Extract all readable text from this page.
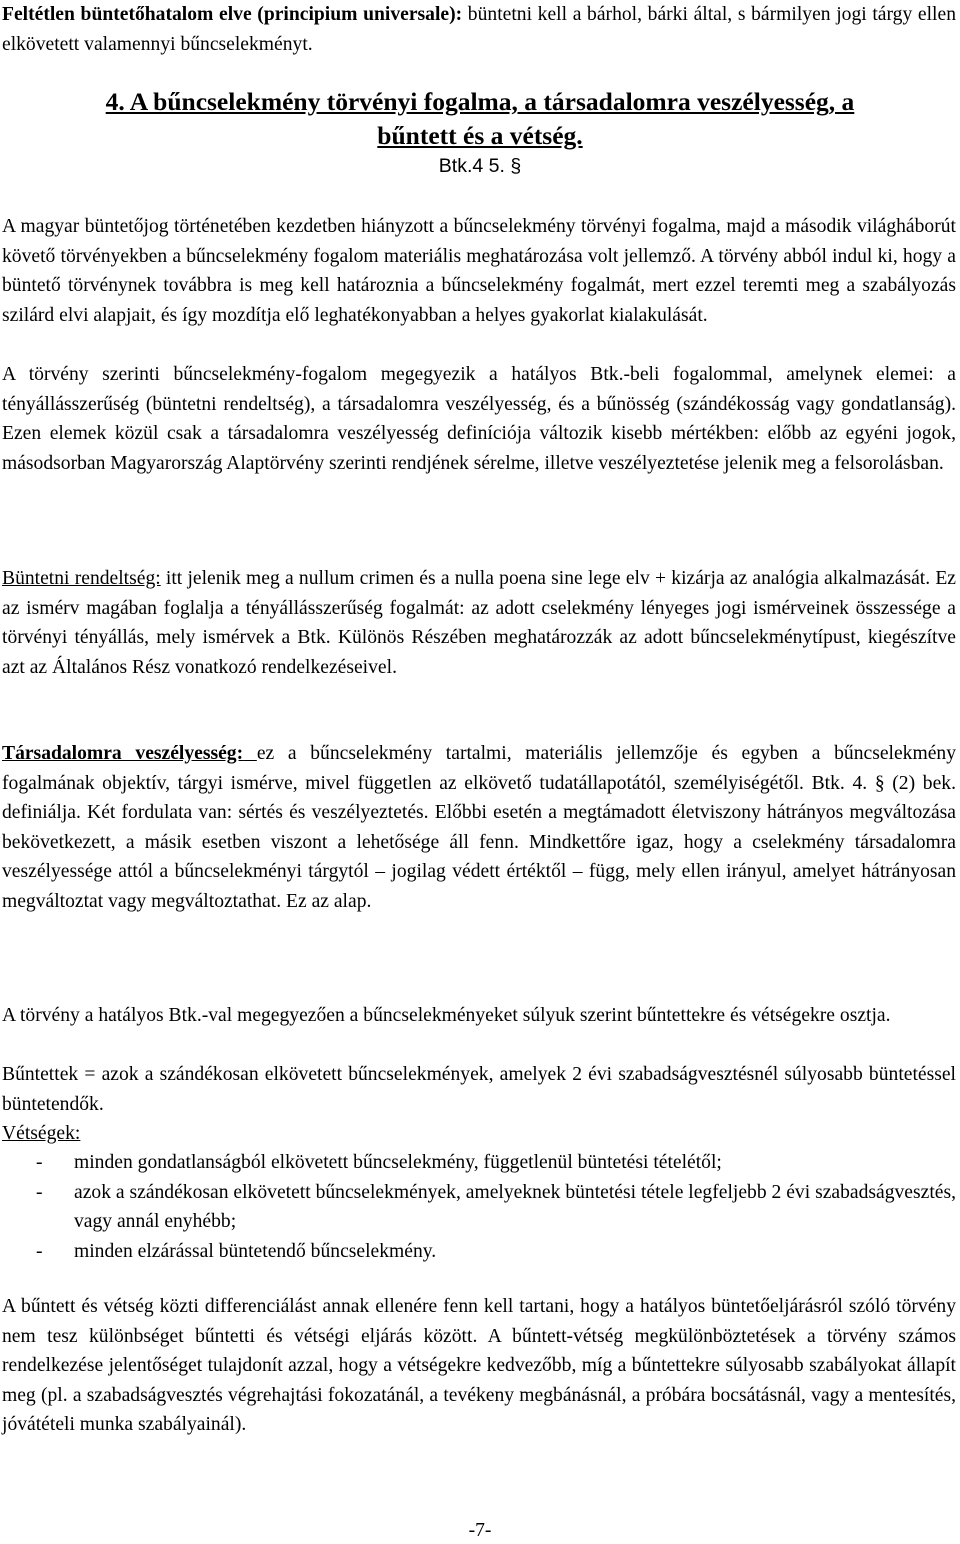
Feltétlen büntetőhatalom elve (principium universale): büntetni kell a bárhol, bárki által, s bármilyen jogi tárgy ellen elkövetett valamennyi bűncselekményt.

4. A bűncselekmény törvényi fogalma, a társadalomra veszélyesség, a
bűntett és a vétség.
Btk.4 5. §

A magyar büntetőjog történetében kezdetben hiányzott a bűncselekmény törvényi fogalma, majd a második világháborút követő törvényekben a bűncselekmény fogalom materiális meghatározása volt jellemző. A törvény abból indul ki, hogy a büntető törvénynek továbbra is meg kell határoznia a bűncselekmény fogalmát, mert ezzel teremti meg a szabályozás szilárd elvi alapjait, és így mozdítja elő leghatékonyabban a helyes gyakorlat kialakulását.

A törvény szerinti bűncselekmény-fogalom megegyezik a hatályos Btk.-beli fogalommal, amelynek elemei: a tényállásszerűség (büntetni rendeltség), a társadalomra veszélyesség, és a bűnösség (szándékosság vagy gondatlanság). Ezen elemek közül csak a társadalomra veszélyesség definíciója változik kisebb mértékben: előbb az egyéni jogok, másodsorban Magyarország Alaptörvény szerinti rendjének sérelme, illetve veszélyeztetése jelenik meg a felsorolásban.

Büntetni rendeltség: itt jelenik meg a nullum crimen és a nulla poena sine lege elv + kizárja az analógia alkalmazását. Ez az ismérv magában foglalja a tényállásszerűség fogalmát: az adott cselekmény lényeges jogi ismérveinek összessége a törvényi tényállás, mely ismérvek a Btk. Különös Részében meghatározzák az adott bűncselekménytípust, kiegészítve azt az Általános Rész vonatkozó rendelkezéseivel.

Társadalomra veszélyesség: ez a bűncselekmény tartalmi, materiális jellemzője és egyben a bűncselekmény fogalmának objektív, tárgyi ismérve, mivel független az elkövető tudatállapotától, személyiségétől. Btk. 4. § (2) bek. definiálja. Két fordulata van: sértés és veszélyeztetés. Előbbi esetén a megtámadott életviszony hátrányos megváltozása bekövetkezett, a másik esetben viszont a lehetősége áll fenn. Mindkettőre igaz, hogy a cselekmény társadalomra veszélyessége attól a bűncselekményi tárgytól – jogilag védett értéktől – függ, mely ellen irányul, amelyet hátrányosan megváltoztat vagy megváltoztathat. Ez az alap.

A törvény a hatályos Btk.-val megegyezően a bűncselekményeket súlyuk szerint bűntettekre és vétségekre osztja.

Bűntettek = azok a szándékosan elkövetett bűncselekmények, amelyek 2 évi szabadságvesztésnél súlyosabb büntetéssel büntetendők.

Vétségek:

-	minden gondatlanságból elkövetett bűncselekmény, függetlenül büntetési tételétől;
-	azok a szándékosan elkövetett bűncselekmények, amelyeknek büntetési tétele legfeljebb 2 évi szabadságvesztés, vagy annál enyhébb;
-	minden elzárással büntetendő bűncselekmény.

A bűntett és vétség közti differenciálást annak ellenére fenn kell tartani, hogy a hatályos büntetőeljárásról szóló törvény nem tesz különbséget bűntetti és vétségi eljárás között. A bűntett-vétség megkülönböztetések a törvény számos rendelkezése jelentőséget tulajdonít azzal, hogy a vétségekre kedvezőbb, míg a bűntettekre súlyosabb szabályokat állapít meg (pl. a szabadságvesztés végrehajtási fokozatánál, a tevékeny megbánásnál, a próbára bocsátásnál, vagy a mentesítés, jóvátételi munka szabályainál).

-7-
